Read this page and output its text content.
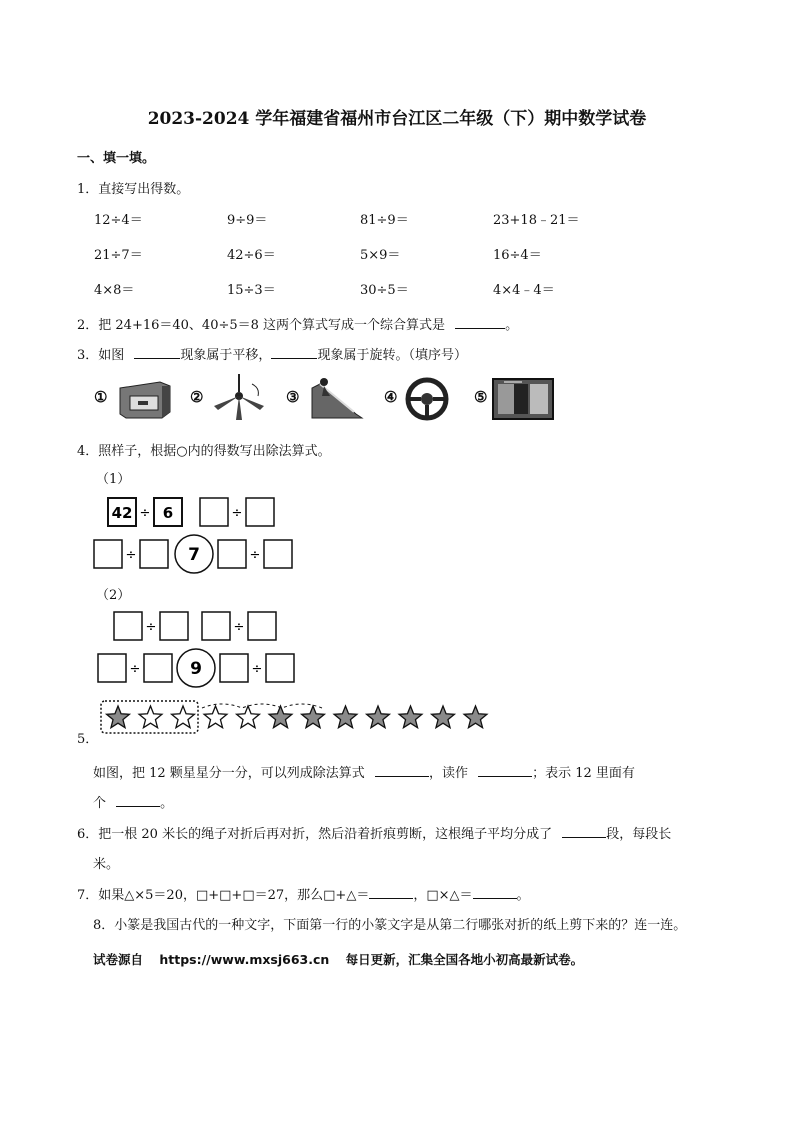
2023-2024 学年福建省福州市台江区二年级（下）期中数学试卷
一、填一填。
1．直接写出得数。
12÷4＝	9÷9＝	81÷9＝	23+18﹣21＝
21÷7＝	42÷6＝	5×9＝	16÷4＝
4×8＝	15÷3＝	30÷5＝	4×4﹣4＝
2．把 24+16＝40、40÷5＝8 这两个算式写成一个综合算式是	。
3．如图	现象属于平移，	现象属于旋转。（填序号）
①	②	③	④	⑤
4．照样子，根据○内的得数写出除法算式。
（1）
42 ÷ 6	÷
÷	7	÷
（2）
÷	÷
÷	9	÷
5．
如图，把 12 颗星星分一分，可以列成除法算式	，读作	；表示 12 里面有
个	。
6．把一根 20 米长的绳子对折后再对折，然后沿着折痕剪断，这根绳子平均分成了	段，每段长
米。
7．如果△×5＝20，□+□+□＝27，那么□+△＝	，□×△＝	。
8．小篆是我国古代的一种文字，下面第一行的小篆文字是从第二行哪张对折的纸上剪下来的？连一连。
试卷源自 https://www.mxsj663.cn 每日更新，汇集全国各地小初高最新试卷。
